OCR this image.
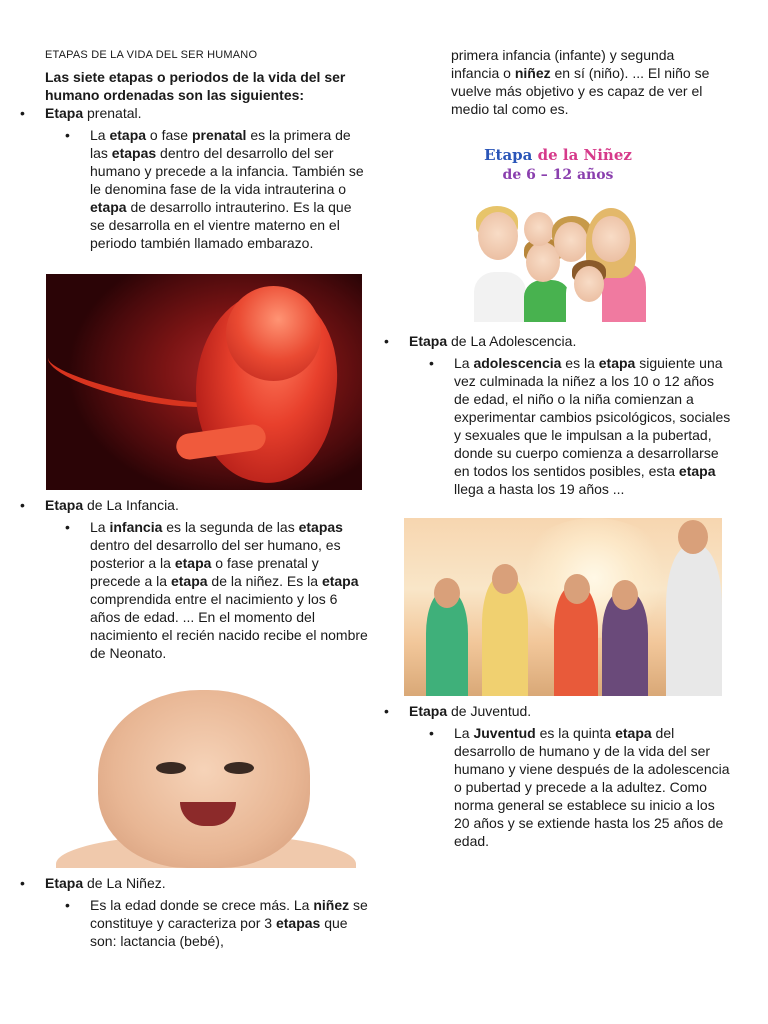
ETAPAS DE LA VIDA DEL SER HUMANO
Las siete etapas o periodos de la vida del ser humano ordenadas son las siguientes:
• Etapa prenatal.
• La etapa o fase prenatal es la primera de las etapas dentro del desarrollo del ser humano y precede a la infancia. También se le denomina fase de la vida intrauterina o etapa de desarrollo intrauterino. Es la que se desarrolla en el vientre materno en el periodo también llamado embarazo.
• Etapa de La Infancia.
• La infancia es la segunda de las etapas dentro del desarrollo del ser humano, es posterior a la etapa o fase prenatal y precede a la etapa de la niñez. Es la etapa comprendida entre el nacimiento y los 6 años de edad. ... En el momento del nacimiento el recién nacido recibe el nombre de Neonato.
• Etapa de La Niñez.
• Es la edad donde se crece más. La niñez se constituye y caracteriza por 3 etapas que son: lactancia (bebé),
primera infancia (infante) y segunda infancia o niñez en sí (niño). ... El niño se vuelve más objetivo y es capaz de ver el medio tal como es.
Etapa de la Niñez
de 6 – 12 años
• Etapa de La Adolescencia.
• La adolescencia es la etapa siguiente una vez culminada la niñez a los 10 o 12 años de edad, el niño o la niña comienzan a experimentar cambios psicológicos, sociales y sexuales que le impulsan a la pubertad, donde su cuerpo comienza a desarrollarse en todos los sentidos posibles, esta etapa llega a hasta los 19 años ...
• Etapa de Juventud.
• La Juventud es la quinta etapa del desarrollo de humano y de la vida del ser humano y viene después de la adolescencia o pubertad y precede a la adultez. Como norma general se establece su inicio a los 20 años y se extiende hasta los 25 años de edad.
